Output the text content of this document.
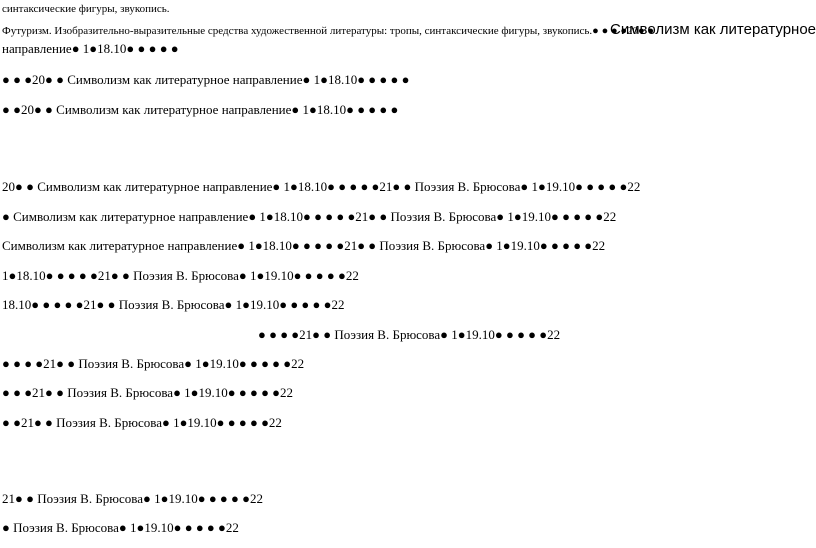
синтаксические фигуры, звукопись.
Футуризм. Изобразительно-выразительные средства художественной литературы: тропы, синтаксические фигуры, звукопись.● ● ● ●20● ●
Символизм как литературное
направление● 1●18.10● ● ● ● ●
● ● ●20● ● Символизм как литературное направление● 1●18.10● ● ● ● ●
● ●20● ● Символизм как литературное направление● 1●18.10● ● ● ● ●
20● ● Символизм как литературное направление● 1●18.10● ● ● ● ●21● ● Поэзия В. Брюсова● 1●19.10● ● ● ● ●22
● Символизм как литературное направление● 1●18.10● ● ● ● ●21● ● Поэзия В. Брюсова● 1●19.10● ● ● ● ●22
Символизм как литературное направление● 1●18.10● ● ● ● ●21● ● Поэзия В. Брюсова● 1●19.10● ● ● ● ●22
1●18.10● ● ● ● ●21● ● Поэзия В. Брюсова● 1●19.10● ● ● ● ●22
18.10● ● ● ● ●21● ● Поэзия В. Брюсова● 1●19.10● ● ● ● ●22
● ● ● ●21● ● Поэзия В. Брюсова● 1●19.10● ● ● ● ●22
● ● ● ●21● ● Поэзия В. Брюсова● 1●19.10● ● ● ● ●22
● ● ●21● ● Поэзия В. Брюсова● 1●19.10● ● ● ● ●22
● ●21● ● Поэзия В. Брюсова● 1●19.10● ● ● ● ●22
21● ● Поэзия В. Брюсова● 1●19.10● ● ● ● ●22
● Поэзия В. Брюсова● 1●19.10● ● ● ● ●22
